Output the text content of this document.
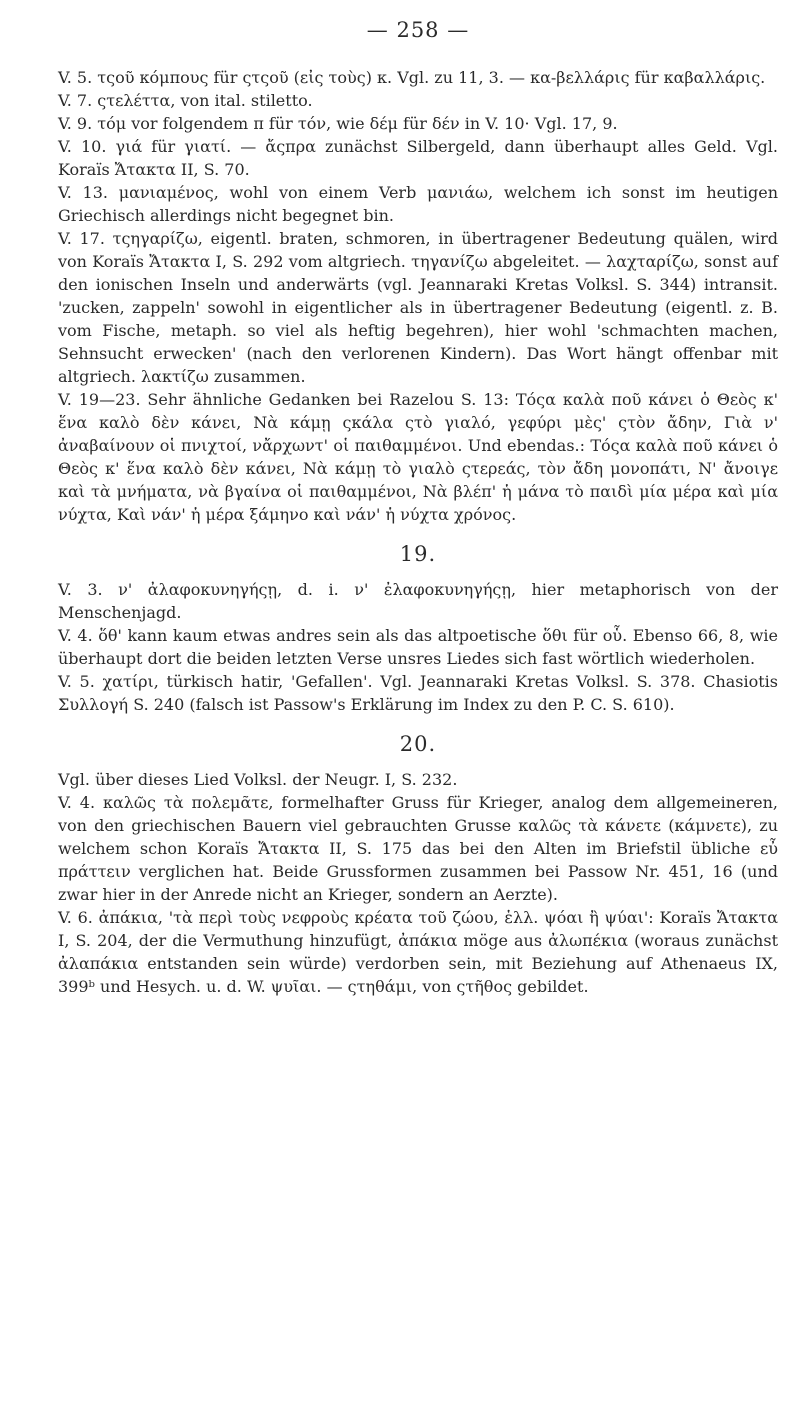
— 258 —

V. 5. τςοῦ κόμπους für ςτςοῦ (εἰς τοὺς) κ. Vgl. zu 11, 3. — κα-βελλάρις für καβαλλάρις.

V. 7. ςτελέττα, von ital. stiletto.

V. 9. τόμ vor folgendem π für τόν, wie δέμ für δέν in V. 10· Vgl. 17, 9.

V. 10. γιά für γιατί. — ἄςπρα zunächst Silbergeld, dann überhaupt alles Geld. Vgl. Koraïs Ἄτακτα II, S. 70.

V. 13. μανιαμένος, wohl von einem Verb μανιάω, welchem ich sonst im heutigen Griechisch allerdings nicht begegnet bin.

V. 17. τςηγαρίζω, eigentl. braten, schmoren, in übertragener Bedeutung quälen, wird von Koraïs Ἄτακτα I, S. 292 vom altgriech. τηγανίζω abgeleitet. — λαχταρίζω, sonst auf den ionischen Inseln und anderwärts (vgl. Jeannaraki Kretas Volksl. S. 344) intransit. 'zucken, zappeln' sowohl in eigentlicher als in übertragener Bedeutung (eigentl. z. B. vom Fische, metaph. so viel als heftig begehren), hier wohl 'schmachten machen, Sehnsucht erwecken' (nach den verlorenen Kindern). Das Wort hängt offenbar mit altgriech. λακτίζω zusammen.

V. 19—23. Sehr ähnliche Gedanken bei Razelou S. 13: Τόςα καλὰ ποῦ κάνει ὁ Θεὸς κ' ἕνα καλὸ δὲν κάνει, Νὰ κάμῃ ςκάλα ςτὸ γιαλό, γεφύρι μὲς' ςτὸν ἄδην, Γιὰ ν' ἀναβαίνουν οἱ πνιχτοί, νἄρχωντ' οἱ παιθαμμένοι. Und ebendas.: Τόςα καλὰ ποῦ κάνει ὁ Θεὸς κ' ἕνα καλὸ δὲν κάνει, Νὰ κάμῃ τὸ γιαλὸ ςτερεάς, τὸν ἄδη μονοπάτι, Ν' ἄνοιγε καὶ τὰ μνήματα, νὰ βγαίνα οἱ παιθαμμένοι, Νὰ βλέπ' ἡ μάνα τὸ παιδὶ μία μέρα καὶ μία νύχτα, Καὶ νάν' ἡ μέρα ξάμηνο καὶ νάν' ἡ νύχτα χρόνος.

19.

V. 3. ν' ἀλαφοκυνηγήςῃ, d. i. ν' ἐλαφοκυνηγήςῃ, hier metaphorisch von der Menschenjagd.

V. 4. ὅθ' kann kaum etwas andres sein als das altpoetische ὅθι für οὗ. Ebenso 66, 8, wie überhaupt dort die beiden letzten Verse unsres Liedes sich fast wörtlich wiederholen.

V. 5. χατίρι, türkisch hatir, 'Gefallen'. Vgl. Jeannaraki Kretas Volksl. S. 378. Chasiotis Συλλογή S. 240 (falsch ist Passow's Erklärung im Index zu den P. C. S. 610).

20.

Vgl. über dieses Lied Volksl. der Neugr. I, S. 232.

V. 4. καλῶς τὰ πολεμᾶτε, formelhafter Gruss für Krieger, analog dem allgemeineren, von den griechischen Bauern viel gebrauchten Grusse καλῶς τὰ κάνετε (κάμνετε), zu welchem schon Koraïs Ἄτακτα II, S. 175 das bei den Alten im Briefstil übliche εὖ πράττειν verglichen hat. Beide Grussformen zusammen bei Passow Nr. 451, 16 (und zwar hier in der Anrede nicht an Krieger, sondern an Aerzte).

V. 6. ἀπάκια, 'τὰ περὶ τοὺς νεφροὺς κρέατα τοῦ ζώου, ἑλλ. ψόαι ἢ ψύαι': Koraïs Ἄτακτα I, S. 204, der die Vermuthung hinzufügt, ἀπάκια möge aus ἀλωπέκια (woraus zunächst ἀλαπάκια entstanden sein würde) verdorben sein, mit Beziehung auf Athenaeus IX, 399ᵇ und Hesych. u. d. W. ψυῖαι. — ςτηθάμι, von ςτῆθος gebildet.
